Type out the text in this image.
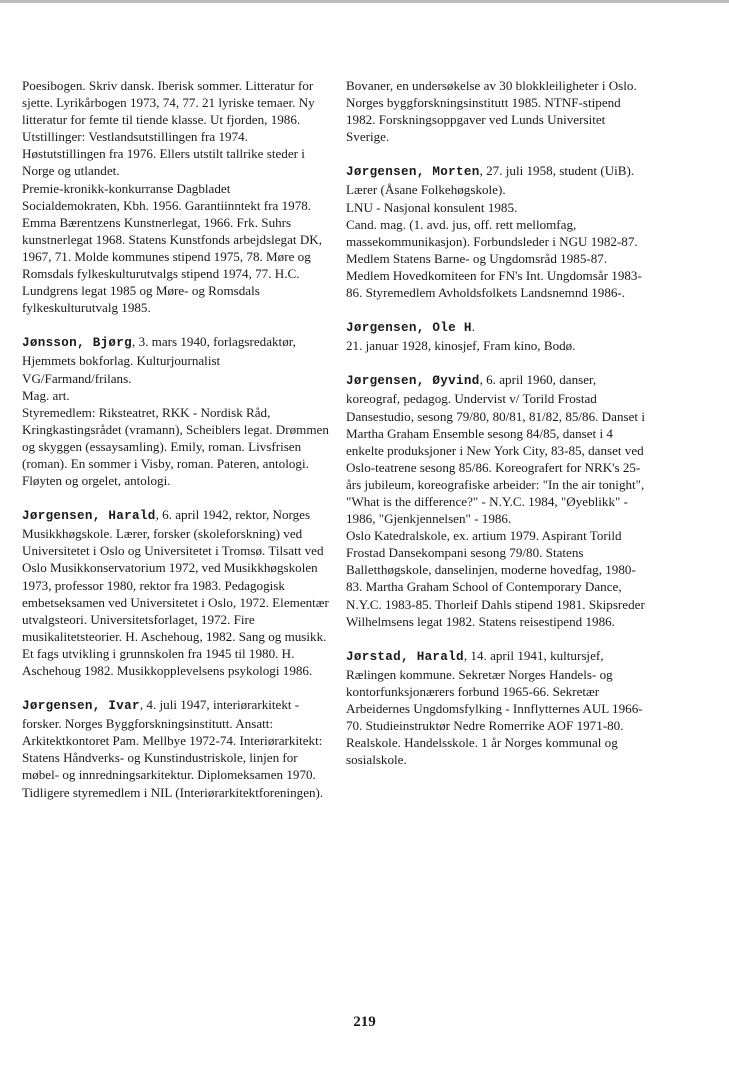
Poesibogen. Skriv dansk. Iberisk sommer. Litteratur for sjette. Lyrikårbogen 1973, 74, 77. 21 lyriske temaer. Ny litteratur for femte til tiende klasse. Ut fjorden, 1986. Utstillinger: Vestlandsutstillingen fra 1974. Høstutstillingen fra 1976. Ellers utstilt tallrike steder i Norge og utlandet.
Premie-kronikk-konkurranse Dagbladet Socialdemokraten, Kbh. 1956. Garantiinntekt fra 1978. Emma Bærentzens Kunstnerlegat, 1966. Frk. Suhrs kunstnerlegat 1968. Statens Kunstfonds arbejdslegat DK, 1967, 71. Molde kommunes stipend 1975, 78. Møre og Romsdals fylkeskulturutvalgs stipend 1974, 77. H.C. Lundgrens legat 1985 og Møre- og Romsdals fylkeskulturutvalg 1985.

Jønsson, Bjørg, 3. mars 1940, forlagsredaktør, Hjemmets bokforlag. Kulturjournalist VG/Farmand/frilans.
Mag. art.
Styremedlem: Riksteatret, RKK - Nordisk Råd, Kringkastingsrådet (vramann), Scheiblers legat. Drømmen og skyggen (essaysamling). Emily, roman. Livsfrisen (roman). En sommer i Visby, roman. Pateren, antologi. Fløyten og orgelet, antologi.

Jørgensen, Harald, 6. april 1942, rektor, Norges Musikkhøgskole. Lærer, forsker (skoleforskning) ved Universitetet i Oslo og Universitetet i Tromsø. Tilsatt ved Oslo Musikkonservatorium 1972, ved Musikkhøgskolen 1973, professor 1980, rektor fra 1983. Pedagogisk embetseksamen ved Universitetet i Oslo, 1972. Elementær utvalgsteori. Universitetsforlaget, 1972. Fire musikalitetsteorier. H. Aschehoug, 1982. Sang og musikk. Et fags utvikling i grunnskolen fra 1945 til 1980. H. Aschehoug 1982. Musikkopplevelsens psykologi 1986.

Jørgensen, Ivar, 4. juli 1947, interiørarkitekt - forsker. Norges Byggforskningsinstitutt. Ansatt: Arkitektkontoret Pam. Mellbye 1972-74. Interiørarkitekt: Statens Håndverks- og Kunstindustriskole, linjen for møbel- og innredningsarkitektur. Diplomeksamen 1970. Tidligere styremedlem i NIL (Interiørarkitektforeningen).

Bovaner, en undersøkelse av 30 blokkleiligheter i Oslo. Norges byggforskningsinstitutt 1985. NTNF-stipend 1982. Forskningsoppgaver ved Lunds Universitet Sverige.

Jørgensen, Morten, 27. juli 1958, student (UiB).
Lærer (Åsane Folkehøgskole).
LNU - Nasjonal konsulent 1985.
Cand. mag. (1. avd. jus, off. rett mellomfag, massekommunikasjon). Forbundsleder i NGU 1982-87. Medlem Statens Barne- og Ungdomsråd 1985-87. Medlem Hovedkomiteen for FN's Int. Ungdomsår 1983-86. Styremedlem Avholdsfolkets Landsnemnd 1986-.

Jørgensen, Ole H.
21. januar 1928, kinosjef, Fram kino, Bodø.

Jørgensen, Øyvind, 6. april 1960, danser, koreograf, pedagog. Undervist v/ Torild Frostad Dansestudio, sesong 79/80, 80/81, 81/82, 85/86. Danset i Martha Graham Ensemble sesong 84/85, danset i 4 enkelte produksjoner i New York City, 83-85, danset ved Oslo-teatrene sesong 85/86. Koreografert for NRK's 25-års jubileum, koreografiske arbeider: "In the air tonight", "What is the difference?" - N.Y.C. 1984, "Øyeblikk" - 1986, "Gjenkjennelsen" - 1986.
Oslo Katedralskole, ex. artium 1979. Aspirant Torild Frostad Dansekompani sesong 79/80. Statens Balletthøgskole, danselinjen, moderne hovedfag, 1980-83. Martha Graham School of Contemporary Dance, N.Y.C. 1983-85. Thorleif Dahls stipend 1981. Skipsreder Wilhelmsens legat 1982. Statens reisestipend 1986.

Jørstad, Harald, 14. april 1941, kultursjef, Rælingen kommune. Sekretær Norges Handels- og kontorfunksjonærers forbund 1965-66. Sekretær Arbeidernes Ungdomsfylking - Innflytternes AUL 1966-70. Studieinstruktør Nedre Romerrike AOF 1971-80.
Realskole. Handelsskole. 1 år Norges kommunal og sosialskole.

219
